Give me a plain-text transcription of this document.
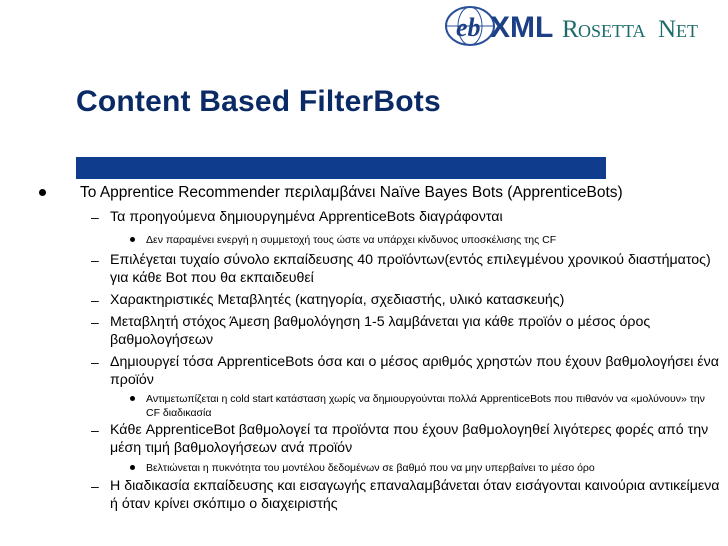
eb XML R OSETTA N ET
Content Based FilterBots
To Apprentice Recommender περιλαμβάνει Naïve Bayes Bots (ApprenticeBots)
– Τα προηγούμενα δημιουργημένα ApprenticeBots διαγράφονται
Δεν παραμένει ενεργή η συμμετοχή τους ώστε να υπάρχει κίνδυνος υποσκέλισης της CF
– Επιλέγεται τυχαίο σύνολο εκπαίδευσης 40 προϊόντων(εντός επιλεγμένου χρονικού διαστήματος) για κάθε Bot που θα εκπαιδευθεί
– Χαρακτηριστικές Μεταβλητές (κατηγορία, σχεδιαστής, υλικό κατασκευής)
– Μεταβλητή στόχος Άμεση βαθμολόγηση 1-5 λαμβάνεται για κάθε προϊόν ο μέσος όρος βαθμολογήσεων
– Δημιουργεί τόσα ApprenticeBots όσα και ο μέσος αριθμός χρηστών που έχουν βαθμολογήσει ένα προϊόν
Αντιμετωπίζεται η cold start κατάσταση χωρίς να δημιουργούνται πολλά ApprenticeBots που πιθανόν να «μολύνουν» την CF διαδικασία
– Κάθε ApprenticeBot βαθμολογεί τα προϊόντα που έχουν βαθμολογηθεί λιγότερες φορές από την μέση τιμή βαθμολογήσεων ανά προϊόν
Βελτιώνεται η πυκνότητα του μοντέλου δεδομένων σε βαθμό που να μην υπερβαίνει το μέσο όρο
– Η διαδικασία εκπαίδευσης και εισαγωγής επαναλαμβάνεται όταν εισάγονται καινούρια αντικείμενα ή όταν κρίνει σκόπιμο ο διαχειριστής
